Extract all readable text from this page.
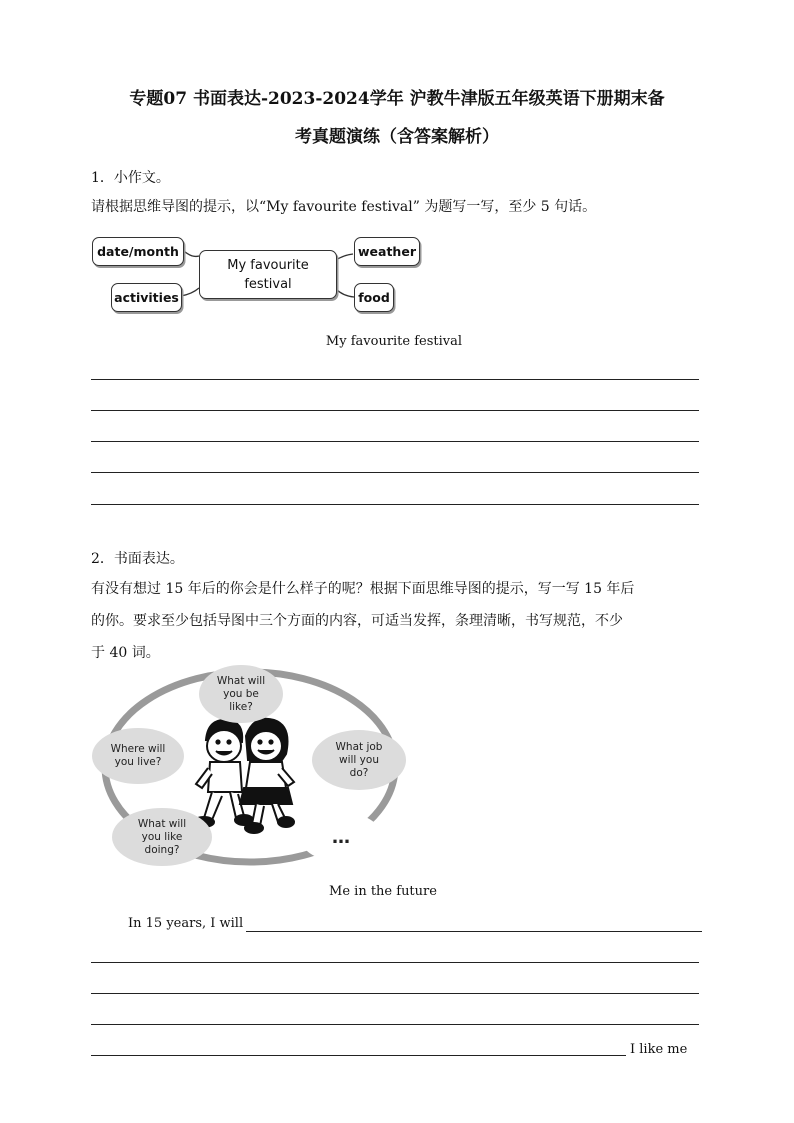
专题07 书面表达-2023-2024学年 沪教牛津版五年级英语下册期末备
考真题演练（含答案解析）
1．小作文。
请根据思维导图的提示，以“My favourite festival” 为题写一写，至少 5 句话。
date/month	weather
activities	food
My favourite
festival
My favourite festival
2．书面表达。
有没有想过 15 年后的你会是什么样子的呢？根据下面思维导图的提示，写一写 15 年后
的你。要求至少包括导图中三个方面的内容，可适当发挥，条理清晰，书写规范，不少
于 40 词。
What will
you be
like?
Where will
you live?
What job
will you
do?
What will
you like
doing?
…
Me in the future
In 15 years, I will
I like me
